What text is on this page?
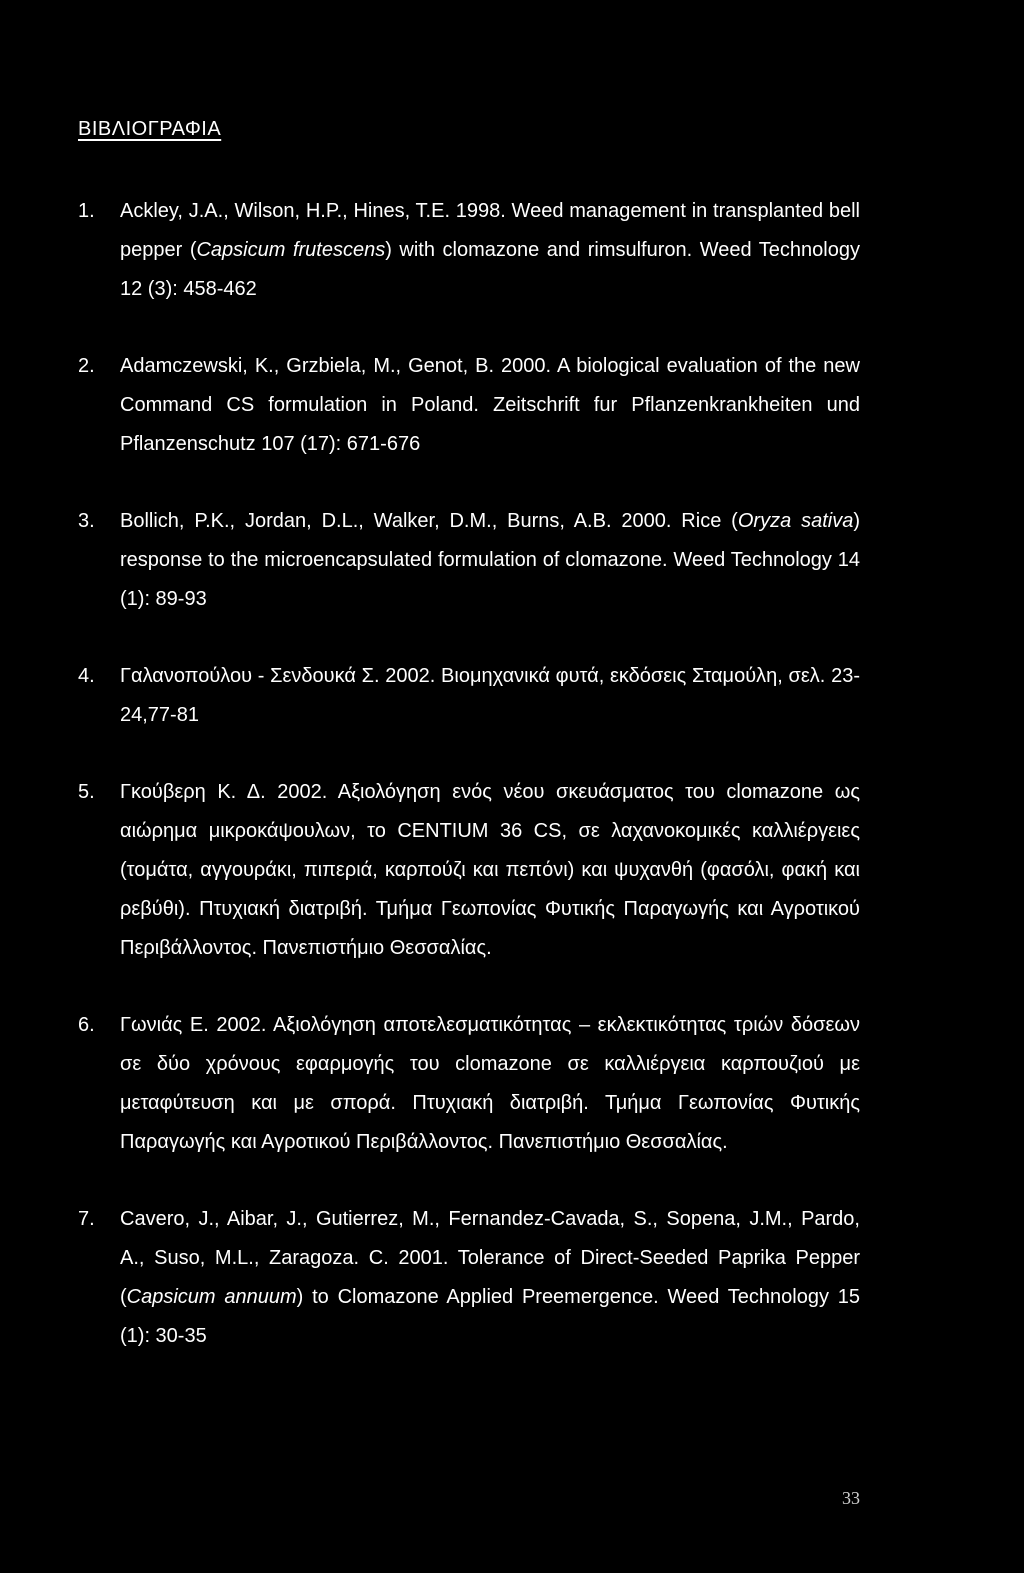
ΒΙΒΛΙΟΓΡΑΦΙΑ
1. Ackley, J.A., Wilson, H.P., Hines, T.E. 1998. Weed management in transplanted bell pepper (Capsicum frutescens) with clomazone and rimsulfuron. Weed Technology 12 (3): 458-462
2. Adamczewski, K., Grzbiela, M., Genot, B. 2000. A biological evaluation of the new Command CS formulation in Poland. Zeitschrift fur Pflanzenkrankheiten und Pflanzenschutz 107 (17): 671-676
3. Bollich, P.K., Jordan, D.L., Walker, D.M., Burns, A.B. 2000. Rice (Oryza sativa) response to the microencapsulated formulation of clomazone. Weed Technology 14 (1): 89-93
4. Γαλανοπούλου - Σενδουκά Σ. 2002. Βιομηχανικά φυτά, εκδόσεις Σταμούλη, σελ. 23-24,77-81
5. Γκούβερη Κ. Δ. 2002. Αξιολόγηση ενός νέου σκευάσματος του clomazone ως αιώρημα μικροκάψουλων, το CENTIUM 36 CS, σε λαχανοκομικές καλλιέργειες (τομάτα, αγγουράκι, πιπεριά, καρπούζι και πεπόνι) και ψυχανθή (φασόλι, φακή και ρεβύθι). Πτυχιακή διατριβή. Τμήμα Γεωπονίας Φυτικής Παραγωγής και Αγροτικού Περιβάλλοντος. Πανεπιστήμιο Θεσσαλίας.
6. Γωνιάς Ε. 2002. Αξιολόγηση αποτελεσματικότητας – εκλεκτικότητας τριών δόσεων σε δύο χρόνους εφαρμογής του clomazone σε καλλιέργεια καρπουζιού με μεταφύτευση και με σπορά. Πτυχιακή διατριβή. Τμήμα Γεωπονίας Φυτικής Παραγωγής και Αγροτικού Περιβάλλοντος. Πανεπιστήμιο Θεσσαλίας.
7. Cavero, J., Aibar, J., Gutierrez, M., Fernandez-Cavada, S., Sopena, J.M., Pardo, A., Suso, M.L., Zaragoza. C. 2001. Tolerance of Direct-Seeded Paprika Pepper (Capsicum annuum) to Clomazone Applied Preemergence. Weed Technology 15 (1): 30-35
33
